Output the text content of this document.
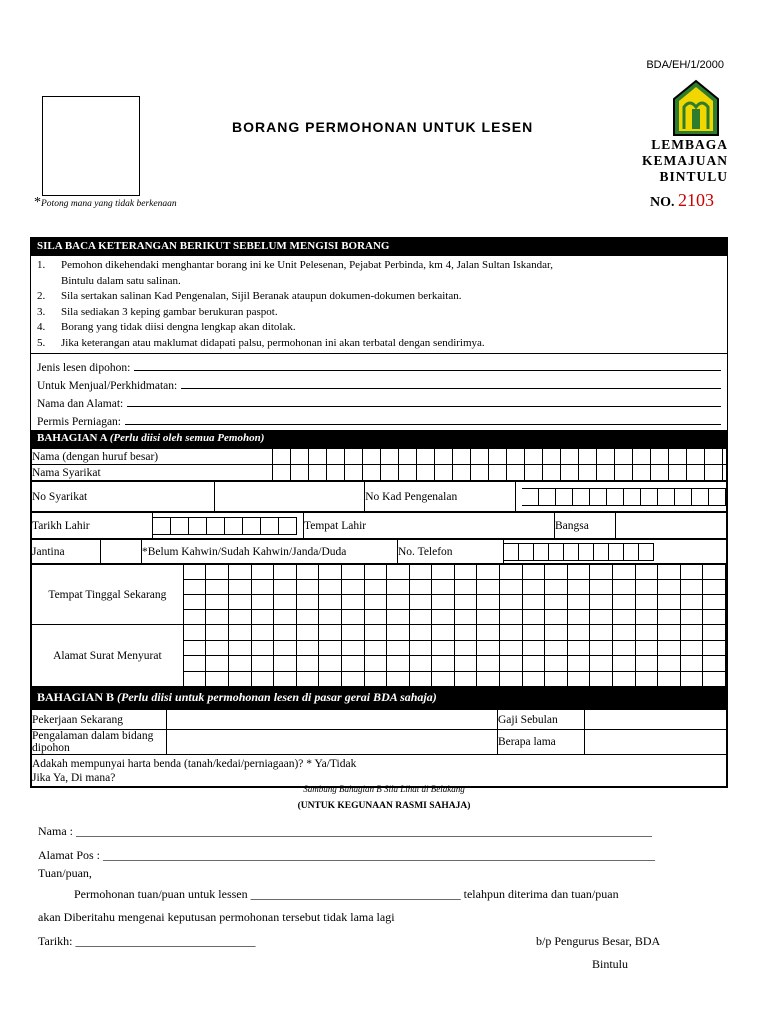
BDA/EH/1/2000
BORANG PERMOHONAN UNTUK LESEN
LEMBAGA
KEMAJUAN
BINTULU
NO. 2103
*Potong mana yang tidak berkenaan
SILA BACA KETERANGAN BERIKUT SEBELUM MENGISI BORANG
1.	Pemohon dikehendaki menghantar borang ini ke Unit Pelesenan, Pejabat Perbinda, km 4, Jalan Sultan Iskandar,
Bintulu dalam satu salinan.
2.	Sila sertakan salinan Kad Pengenalan, Sijil Beranak ataupun dokumen-dokumen berkaitan.
3.	Sila sediakan 3 keping gambar berukuran paspot.
4.	Borang yang tidak diisi dengna lengkap akan ditolak.
5.	Jika keterangan atau maklumat didapati palsu, permohonan ini akan terbatal dengan sendirimya.
Jenis lesen dipohon:
Untuk Menjual/Perkhidmatan:
Nama dan Alamat:
Permis Perniagan:
BAHAGIAN A (Perlu diisi oleh semua Pemohon)
Nama (dengan huruf besar)	

Nama Syarikat	
No Syarikat		No Kad Pengenalan	
Tarikh Lahir		Tempat Lahir	Bangsa	
Jantina		*Belum Kahwin/Sudah Kahwin/Janda/Duda	No. Telefon	
Tempat Tinggal Sekarang	

Alamat Surat Menyurat	
BAHAGIAN B (Perlu diisi untuk permohonan lesen di pasar gerai BDA sahaja)
Pekerjaan Sekarang		Gaji Sebulan	
Pengalaman dalam bidang dipohon		Berapa lama	

Adakah mempunyai harta benda (tanah/kedai/perniagaan)? * Ya/Tidak
Jika Ya, Di mana?			
Sambung Bahagian B Sila Lihat di Belakang
(UNTUK KEGUNAAN RASMI SAHAJA)
Nama : ________________________________________________________________________________________________
Alamat Pos : ____________________________________________________________________________________________
Tuan/puan,
Permohonan tuan/puan untuk lessen ___________________________________ telahpun diterima dan tuan/puan
akan Diberitahu mengenai keputusan permohonan tersebut tidak lama lagi
Tarikh: ______________________________	b/p Pengurus Besar, BDA
Bintulu
